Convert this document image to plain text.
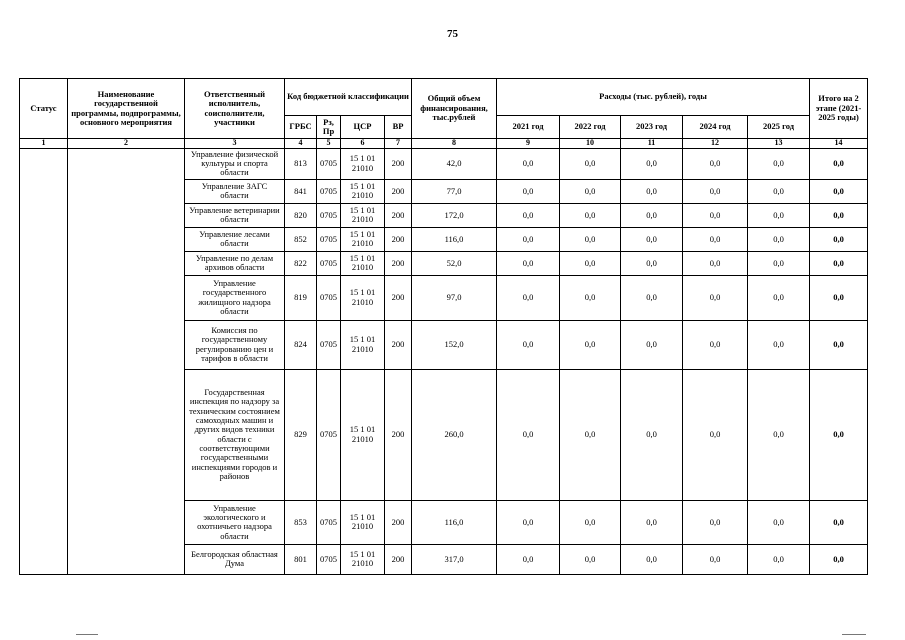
75
Статус	Наименование государственной программы, подпрограммы, основного мероприятия	Ответственный исполнитель, соисполнители, участники	Код бюджетной классификации				Общий объем финансирования, тыс.рублей	Расходы (тыс. рублей), годы					Итого на 2 этапе (2021-2025 годы)
			ГРБС	Рз, Пр	ЦСР	ВР		2021 год	2022 год	2023 год	2024 год	2025 год	
1	2	3	4	5	6	7	8	9	10	11	12	13	14
		Управление физической культуры и спорта области	813	0705	15 1 01 21010	200	42,0	0,0	0,0	0,0	0,0	0,0	0,0
		Управление ЗАГС области	841	0705	15 1 01 21010	200	77,0	0,0	0,0	0,0	0,0	0,0	0,0
		Управление ветеринарии области	820	0705	15 1 01 21010	200	172,0	0,0	0,0	0,0	0,0	0,0	0,0
		Управление лесами области	852	0705	15 1 01 21010	200	116,0	0,0	0,0	0,0	0,0	0,0	0,0
		Управление по делам архивов области	822	0705	15 1 01 21010	200	52,0	0,0	0,0	0,0	0,0	0,0	0,0
		Управление государственного жилищного надзора области	819	0705	15 1 01 21010	200	97,0	0,0	0,0	0,0	0,0	0,0	0,0
		Комиссия по государственному регулированию цен и тарифов в области	824	0705	15 1 01 21010	200	152,0	0,0	0,0	0,0	0,0	0,0	0,0
		Государственная инспекция по надзору за техническим состоянием самоходных машин и других видов техники области с соответствующими государственными инспекциями городов и районов	829	0705	15 1 01 21010	200	260,0	0,0	0,0	0,0	0,0	0,0	0,0
		Управление экологического и охотничьего надзора области	853	0705	15 1 01 21010	200	116,0	0,0	0,0	0,0	0,0	0,0	0,0
		Белгородская областная Дума	801	0705	15 1 01 21010	200	317,0	0,0	0,0	0,0	0,0	0,0	0,0
